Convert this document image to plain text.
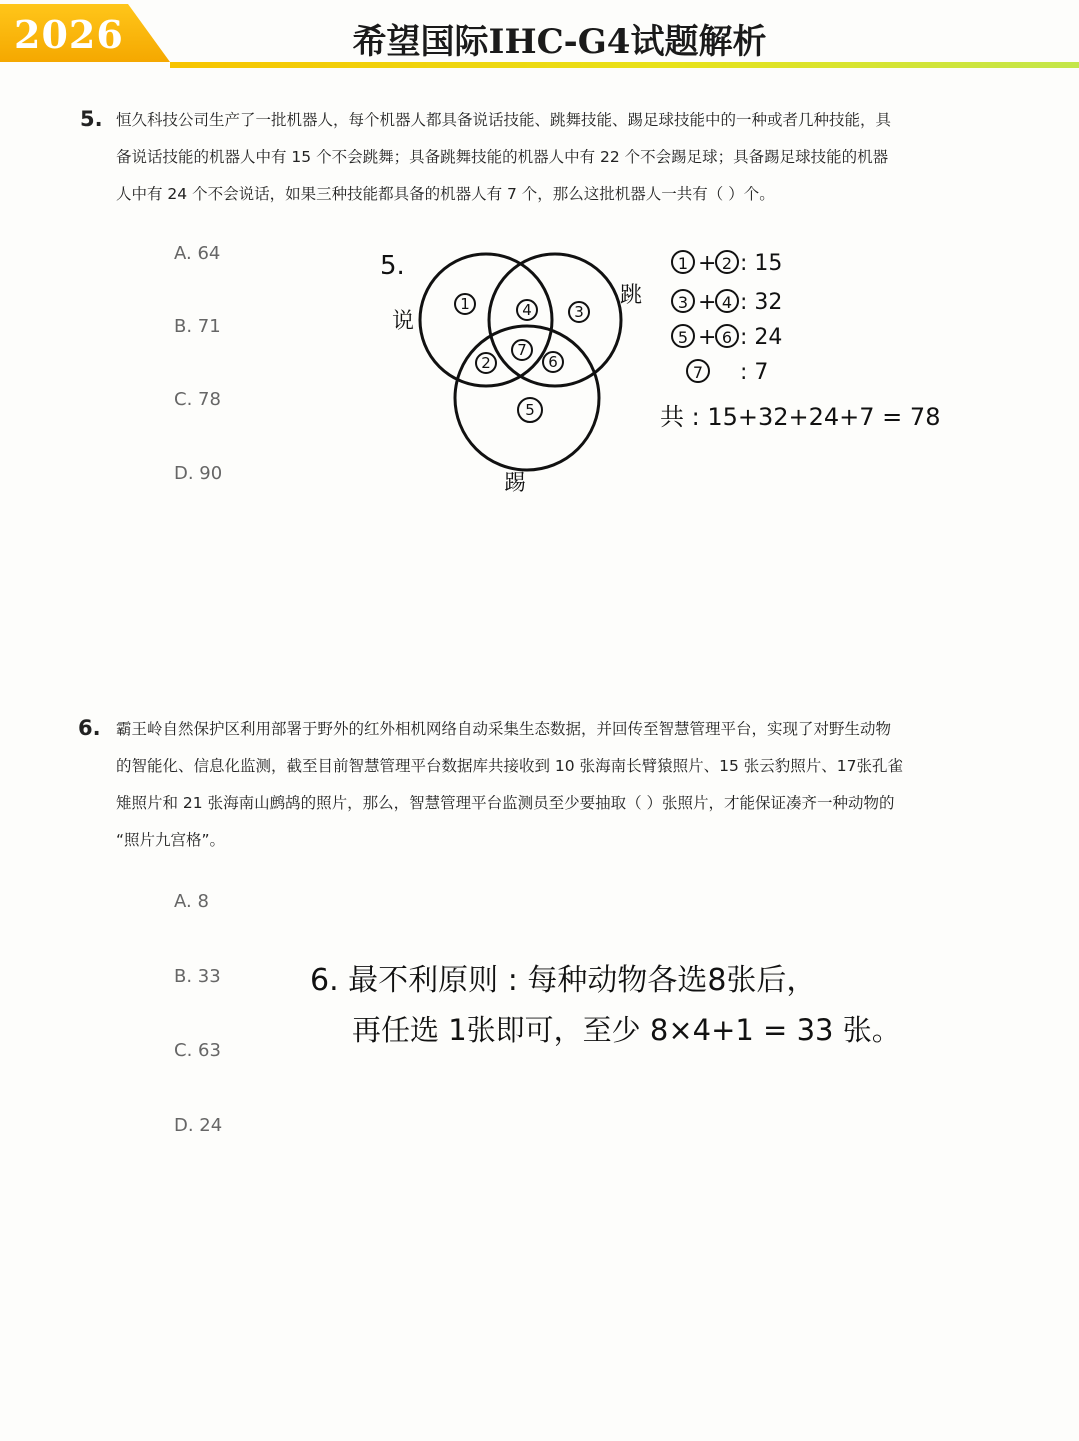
2026	希望国际IHC-G4试题解析
5. 恒久科技公司生产了一批机器人，每个机器人都具备说话技能、跳舞技能、踢足球技能中的一种或者几种技能，具
备说话技能的机器人中有 15 个不会跳舞；具备跳舞技能的机器人中有 22 个不会踢足球；具备踢足球技能的机器
人中有 24 个不会说话，如果三种技能都具备的机器人有 7 个，那么这批机器人一共有（ ）个。
A. 64
B. 71
C. 78
D. 90
5.
说
跳
踢
1	4	3
2
7
6
5
1 + 2 : 15
3 + 4 : 32
5 + 6 : 24
7 : 7
共 : 15+32+24+7 = 78
6. 霸王岭自然保护区利用部署于野外的红外相机网络自动采集生态数据，并回传至智慧管理平台，实现了对野生动物
的智能化、信息化监测，截至目前智慧管理平台数据库共接收到 10 张海南长臂猿照片、15 张云豹照片、17张孔雀
雉照片和 21 张海南山鹧鸪的照片，那么，智慧管理平台监测员至少要抽取（ ）张照片，才能保证凑齐一种动物的
“照片九宫格”。
A. 8
B. 33
C. 63
D. 24
6. 最不利原则 : 每种动物各选8张后，
再任选 1张即可，至少 8×4+1 = 33 张。
